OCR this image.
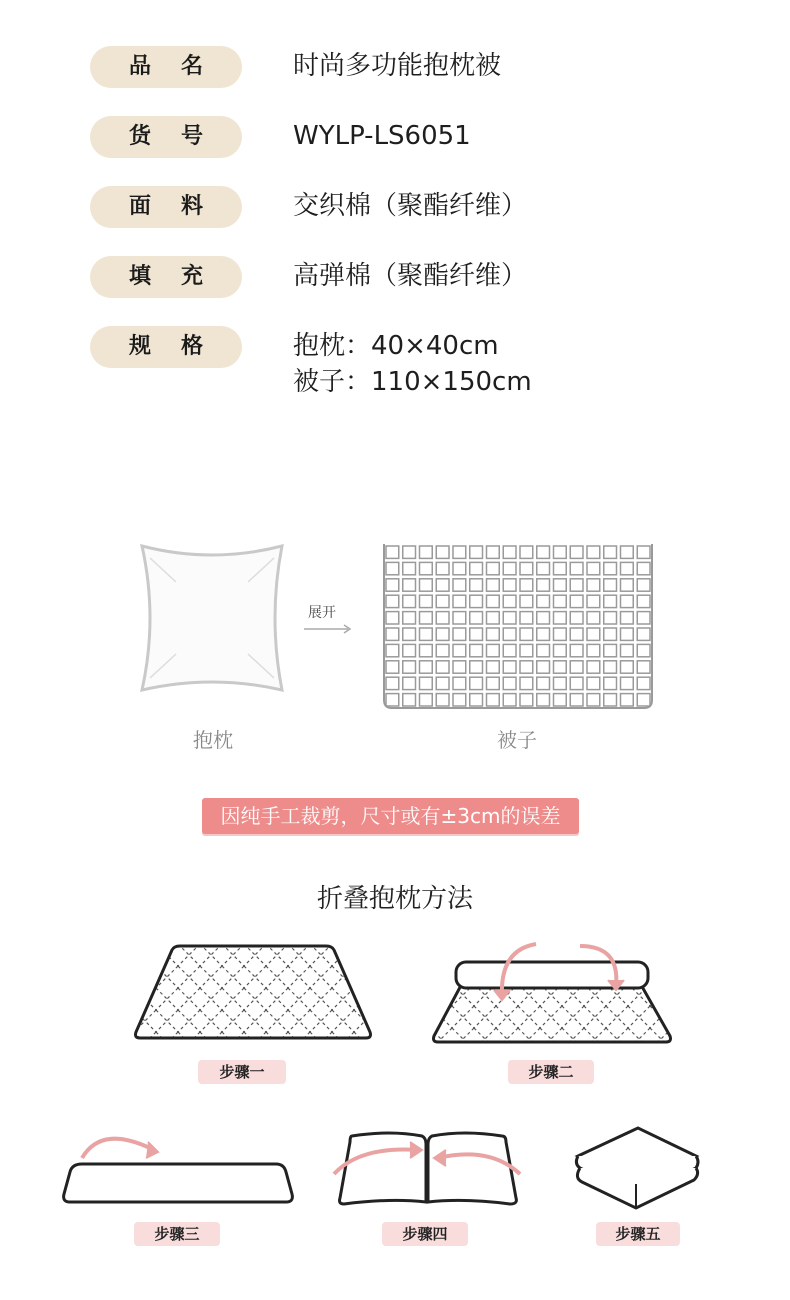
品名	时尚多功能抱枕被
货号	WYLP-LS6051
面料	交织棉（聚酯纤维）
填充	高弹棉（聚酯纤维）
规格	抱枕：40×40cm
被子：110×150cm
展开
抱枕	被子
因纯手工裁剪，尺寸或有±3cm的误差
折叠抱枕方法
步骤一	步骤二
步骤三	步骤四	步骤五
